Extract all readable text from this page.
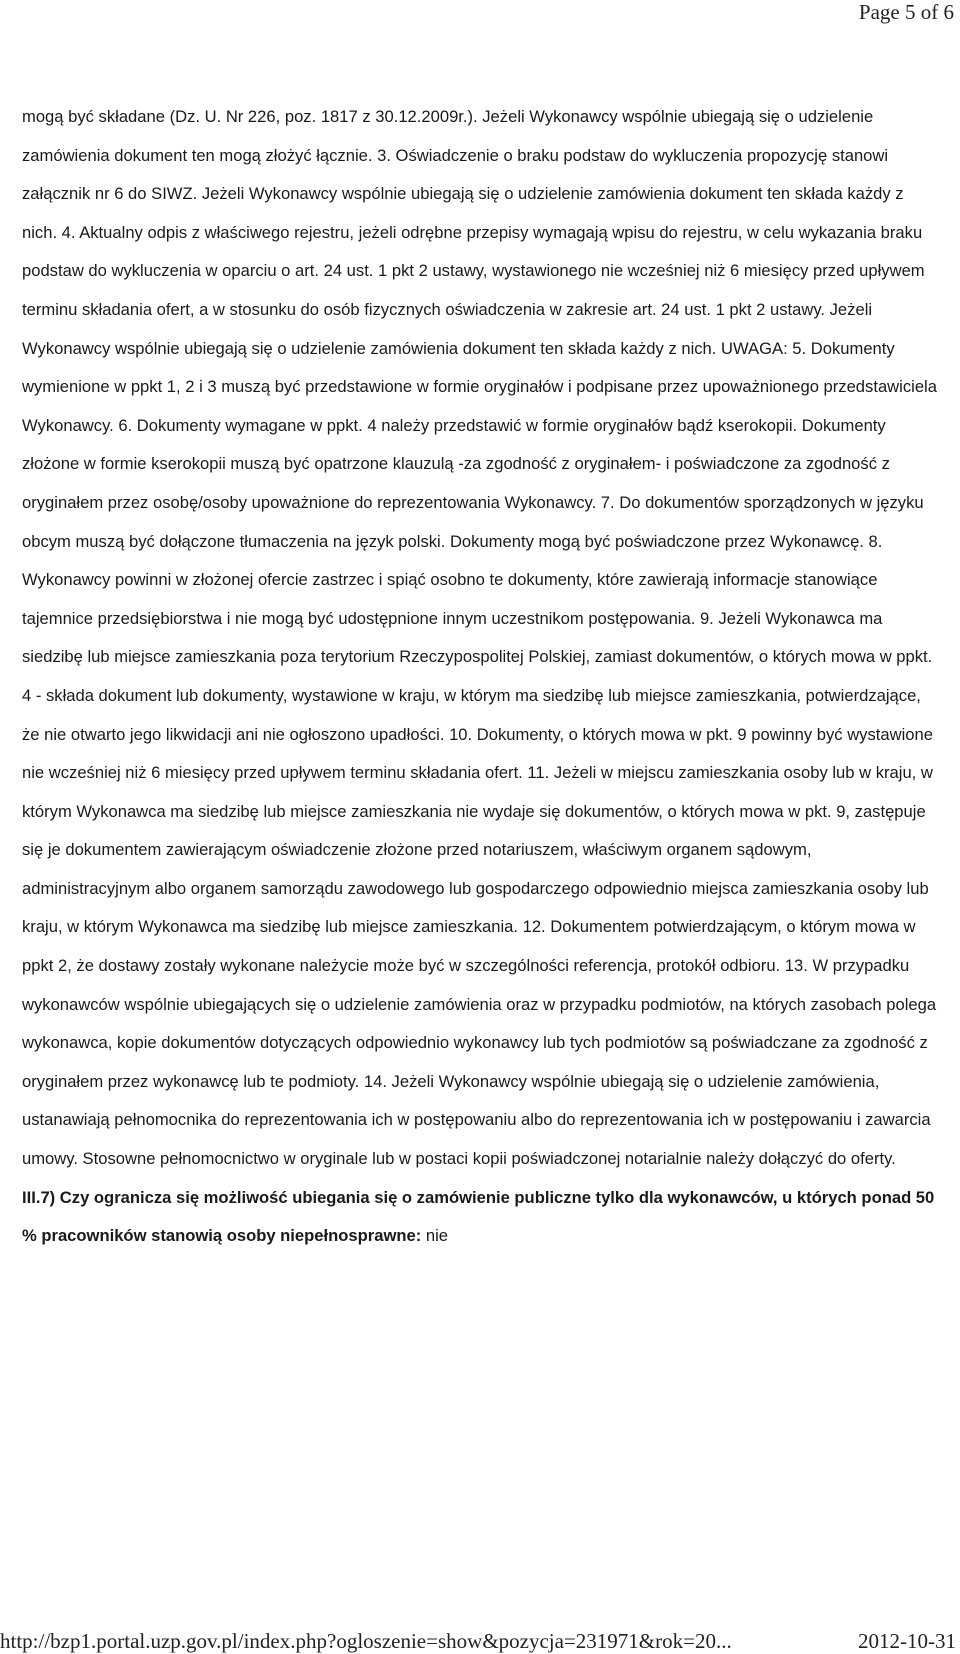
Page 5 of 6

mogą być składane (Dz. U. Nr 226, poz. 1817 z 30.12.2009r.). Jeżeli Wykonawcy wspólnie ubiegają się o udzielenie zamówienia dokument ten mogą złożyć łącznie. 3. Oświadczenie o braku podstaw do wykluczenia propozycję stanowi załącznik nr 6 do SIWZ. Jeżeli Wykonawcy wspólnie ubiegają się o udzielenie zamówienia dokument ten składa każdy z nich. 4. Aktualny odpis z właściwego rejestru, jeżeli odrębne przepisy wymagają wpisu do rejestru, w celu wykazania braku podstaw do wykluczenia w oparciu o art. 24 ust. 1 pkt 2 ustawy, wystawionego nie wcześniej niż 6 miesięcy przed upływem terminu składania ofert, a w stosunku do osób fizycznych oświadczenia w zakresie art. 24 ust. 1 pkt 2 ustawy. Jeżeli Wykonawcy wspólnie ubiegają się o udzielenie zamówienia dokument ten składa każdy z nich. UWAGA: 5. Dokumenty wymienione w ppkt 1, 2 i 3 muszą być przedstawione w formie oryginałów i podpisane przez upoważnionego przedstawiciela Wykonawcy. 6. Dokumenty wymagane w ppkt. 4 należy przedstawić w formie oryginałów bądź kserokopii. Dokumenty złożone w formie kserokopii muszą być opatrzone klauzulą -za zgodność z oryginałem- i poświadczone za zgodność z oryginałem przez osobę/osoby upoważnione do reprezentowania Wykonawcy. 7. Do dokumentów sporządzonych w języku obcym muszą być dołączone tłumaczenia na język polski. Dokumenty mogą być poświadczone przez Wykonawcę. 8. Wykonawcy powinni w złożonej ofercie zastrzec i spiąć osobno te dokumenty, które zawierają informacje stanowiące tajemnice przedsiębiorstwa i nie mogą być udostępnione innym uczestnikom postępowania. 9. Jeżeli Wykonawca ma siedzibę lub miejsce zamieszkania poza terytorium Rzeczypospolitej Polskiej, zamiast dokumentów, o których mowa w ppkt. 4 - składa dokument lub dokumenty, wystawione w kraju, w którym ma siedzibę lub miejsce zamieszkania, potwierdzające, że nie otwarto jego likwidacji ani nie ogłoszono upadłości. 10. Dokumenty, o których mowa w pkt. 9 powinny być wystawione nie wcześniej niż 6 miesięcy przed upływem terminu składania ofert. 11. Jeżeli w miejscu zamieszkania osoby lub w kraju, w którym Wykonawca ma siedzibę lub miejsce zamieszkania nie wydaje się dokumentów, o których mowa w pkt. 9, zastępuje się je dokumentem zawierającym oświadczenie złożone przed notariuszem, właściwym organem sądowym, administracyjnym albo organem samorządu zawodowego lub gospodarczego odpowiednio miejsca zamieszkania osoby lub kraju, w którym Wykonawca ma siedzibę lub miejsce zamieszkania. 12. Dokumentem potwierdzającym, o którym mowa w ppkt 2, że dostawy zostały wykonane należycie może być w szczególności referencja, protokół odbioru. 13. W przypadku wykonawców wspólnie ubiegających się o udzielenie zamówienia oraz w przypadku podmiotów, na których zasobach polega wykonawca, kopie dokumentów dotyczących odpowiednio wykonawcy lub tych podmiotów są poświadczane za zgodność z oryginałem przez wykonawcę lub te podmioty. 14. Jeżeli Wykonawcy wspólnie ubiegają się o udzielenie zamówienia, ustanawiają pełnomocnika do reprezentowania ich w postępowaniu albo do reprezentowania ich w postępowaniu i zawarcia umowy. Stosowne pełnomocnictwo w oryginale lub w postaci kopii poświadczonej notarialnie należy dołączyć do oferty.

III.7) Czy ogranicza się możliwość ubiegania się o zamówienie publiczne tylko dla wykonawców, u których ponad 50 % pracowników stanowią osoby niepełnosprawne: nie

http://bzp1.portal.uzp.gov.pl/index.php?ogloszenie=show&pozycja=231971&rok=20...	2012-10-31
